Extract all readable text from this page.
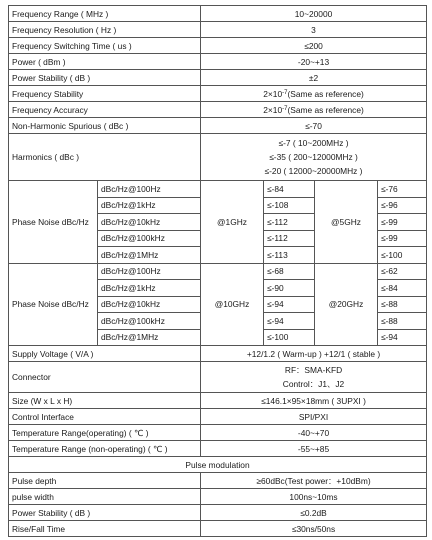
Frequency Range ( MHz )		10~20000			
Frequency Resolution ( Hz )		3			
Frequency Switching Time ( us )		≤200			
Power ( dBm )		-20~+13			
Power Stability ( dB )		±2			
Frequency Stability		$2\times 10^{-7}(Same$ as reference)			
Frequency Accuracy		$2\times 10^{-7}(Same$ as reference)			
Non-Harmonic Spurious ( dBc )		≤-70			
Harmonics ( dBc )		≤-7 ( 10~200MHz )
≤-35 ( 200~12000MHz )
≤-20 ( 12000~20000MHz )			

Phase Noise dBc/Hz	dBc/Hz@100Hz	@1GHz	≤-84	@5GHz	≤-76
	dBc/Hz@1kHz		≤-108		≤-96
	dBc/Hz@10kHz		≤-112		≤-99
	dBc/Hz@100kHz		≤-112		≤-99
	dBc/Hz@1MHz		≤-113		≤-100
Phase Noise dBc/Hz	dBc/Hz@100Hz	@10GHz	≤-68	@20GHz	≤-62
	dBc/Hz@1kHz		≤-90		≤-84
	dBc/Hz@10kHz		≤-94		≤-88
	dBc/Hz@100kHz		≤-94		≤-88
	dBc/Hz@1MHz		≤-100		≤-94
Supply Voltage ( V/A )		+12/1.2 ( Warm-up ) +12/1 ( stable )			
Connector		RF：SMA-KFD
Control：J1、J2			

Size (W x L x H)		≤146.1×95×18mm ( 3UPXI )			
Control Interface		SPI/PXI			
Temperature Range(operating) ( ℃ )		-40~+70			
Temperature Range (non-operating) ( ℃ )		-55~+85			
Pulse modulation					
Pulse depth		≥60dBc(Test power：+10dBm)			
pulse width		100ns~10ms			
Power Stability ( dB )		≤0.2dB			
Rise/Fall Time		≤30ns/50ns			
